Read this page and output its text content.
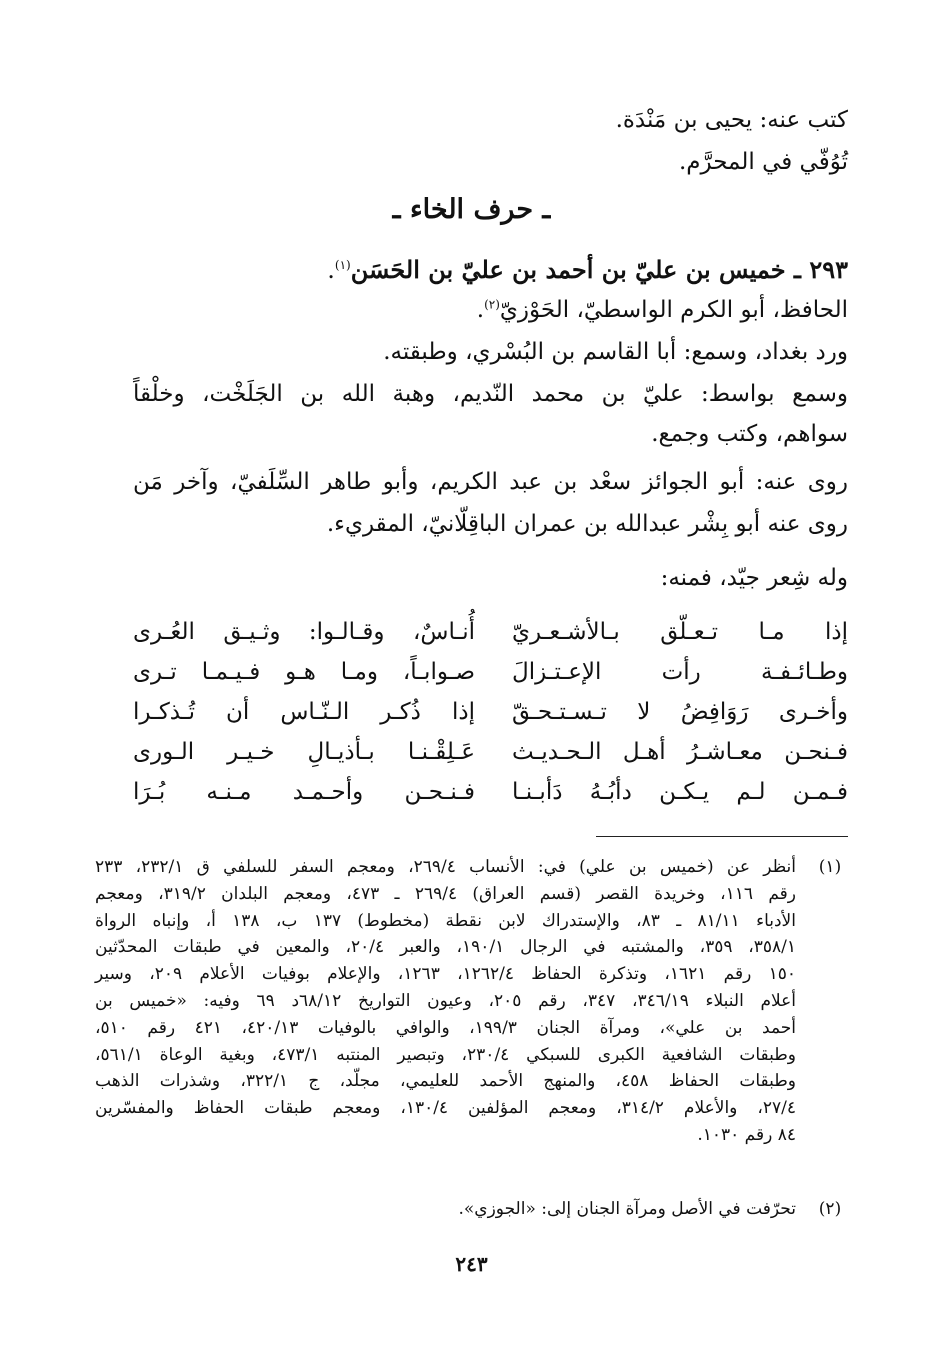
كتب عنه: يحيى بن مَنْدَة.
تُوُفّي في المحرَّم.
ـ حرف الخاء ـ
٢٩٣ ـ خميس بن عليّ بن أحمد بن عليّ بن الحَسَن$^{(١)}$.
الحافظ، أبو الكرم الواسطيّ، الحَوْزيّ$^{(٢)}$.
ورد بغداد، وسمع: أبا القاسم بن البُسْري، وطبقته.
وسمع بواسط: عليّ بن محمد النّديم، وهبة الله بن الجَلَخْت، وخلْقاً
سواهم، وكتب وجمع.
روى عنه: أبو الجوائز سعْد بن عبد الكريم، وأبو طاهر السِّلَفيّ، وآخر مَن
روى عنه أبو بِشْر عبدالله بن عمران الباقِلّانيّ، المقريء.
وله شِعر جيّد، فمنه:
إذا مـا تـعـلّق بـالأشـعـريّ
وطـائـفـة رأت الإعـتـزالَ
وأخـرى رَوَافِضُ لا تـسـتـحـقّ
فـنحـن معـاشـرُ أهـل الـحـديـث
فـمـن لـم يـكـن دأبُـهُ دَأبـنـا
أُنـاسٌ، وقـالـوا: وثـيـق العُـرى
صـوابـاً، ومـا هـو فـيـمـا تـرى
إذا ذُكـر الـنّـاس أن تُـذكـرا
عَـلِقْـنـا بـأذيـالِ خـيـر الـورى
فـنـحـن وأحـمـد مـنـه بُـرَا
(١)
أنظر عن (خميس بن علي) في: الأنساب ٢٦٩/٤، ومعجم السفر للسلفي ق ٢٣٢/١، ٢٣٣
رقم ١١٦، وخريدة القصر (قسم العراق) ٢٦٩/٤ ـ ٤٧٣، ومعجم البلدان ٣١٩/٢، ومعجم
الأدباء ٨١/١١ ـ ٨٣، والإستدراك لابن نقطة (مخطوط) ١٣٧ ب، ١٣٨ أ، وإنباه الرواة
٣٥٨/١، ٣٥٩، والمشتبه في الرجال ١٩٠/١، والعبر ٢٠/٤، والمعين في طبقات المحدّثين
١٥٠ رقم ١٦٢١، وتذكرة الحفاظ ١٢٦٢/٤، ١٢٦٣، والإعلام بوفيات الأعلام ٢٠٩، وسير
أعلام النبلاء ٣٤٦/١٩، ٣٤٧، رقم ٢٠٥، وعيون التواريخ ٦٨/١٢د ٦٩ وفيه: «خميس بن
أحمد بن علي»، ومرآة الجنان ١٩٩/٣، والوافي بالوفيات ٤٢٠/١٣، ٤٢١ رقم ٥١٠،
وطبقات الشافعية الكبرى للسبكي ٢٣٠/٤، وتبصير المنتبه ٤٧٣/١، وبغية الوعاة ٥٦١/١،
وطبقات الحفاظ ٤٥٨، والمنهج الأحمد للعليمي، مجلّد، ج ٣٢٢/١، وشذرات الذهب
٢٧/٤، والأعلام ٣١٤/٢، ومعجم المؤلفين ١٣٠/٤، ومعجم طبقات الحفاظ والمفسّرين
٨٤ رقم ١٠٣٠.
(٢)
تحرّفت في الأصل ومرآة الجنان إلى: «الجوزي».
٢٤٣
